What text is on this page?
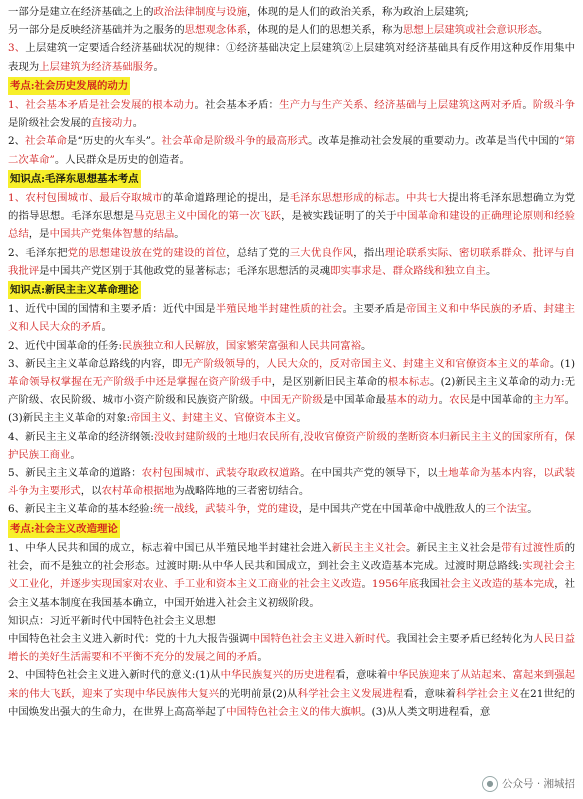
一部分是建立在经济基础之上的政治法律制度与设施，体现的是人们的政治关系，称为政治上层建筑;

另一部分是反映经济基础并为之服务的思想观念体系，体现的是人们的思想关系，称为思想上层建筑或社会意识形态。

3、上层建筑一定要适合经济基础状况的规律：①经济基础决定上层建筑②上层建筑对经济基础具有反作用这种反作用集中表现为上层建筑为经济基础服务。

考点:社会历史发展的动力

1、社会基本矛盾是社会发展的根本动力。社会基本矛盾：生产力与生产关系、经济基础与上层建筑这两对矛盾。阶级斗争是阶级社会发展的直接动力。

2、社会革命是“历史的火车头”。社会革命是阶级斗争的最高形式。改革是推动社会发展的重要动力。改革是当代中国的“第二次革命”。人民群众是历史的创造者。

知识点:毛泽东思想基本考点

1、农村包围城市、最后夺取城市的革命道路理论的提出，是毛泽东思想形成的标志。中共七大提出将毛泽东思想确立为党的指导思想。毛泽东思想是马克思主义中国化的第一次飞跃，是被实践证明了的关于中国革命和建设的正确理论原则和经验总结，是中国共产党集体智慧的结晶。

2、毛泽东把党的思想建设放在党的建设的首位，总结了党的三大优良作风，指出理论联系实际、密切联系群众、批评与自我批评是中国共产党区别于其他政党的显著标志；毛泽东思想活的灵魂即实事求是、群众路线和独立自主。

知识点:新民主主义革命理论

1、近代中国的国情和主要矛盾：近代中国是半殖民地半封建性质的社会。主要矛盾是帝国主义和中华民族的矛盾、封建主义和人民大众的矛盾。

2、近代中国革命的任务:民族独立和人民解放，国家繁荣富强和人民共同富裕。

3、新民主主义革命总路线的内容，即无产阶级领导的，人民大众的，反对帝国主义、封建主义和官僚资本主义的革命。(1)革命领导权掌握在无产阶级手中还是掌握在资产阶级手中，是区别新旧民主革命的根本标志。(2)新民主主义革命的动力:无产阶级、农民阶级、城市小资产阶级和民族资产阶级。中国无产阶级是中国革命最基本的动力。农民是中国革命的主力军。(3)新民主主义革命的对象:帝国主义、封建主义、官僚资本主义。

4、新民主主义革命的经济纲领:没收封建阶级的土地归农民所有,没收官僚资产阶级的垄断资本归新民主主义的国家所有，保护民族工商业。

5、新民主主义革命的道路：农村包围城市、武装夺取政权道路。在中国共产党的领导下，以土地革命为基本内容，以武装斗争为主要形式，以农村革命根据地为战略阵地的三者密切结合。

6、新民主主义革命的基本经验:统一战线，武装斗争，党的建设，是中国共产党在中国革命中战胜敌人的三个法宝。

考点:社会主义改造理论

1、中华人民共和国的成立，标志着中国已从半殖民地半封建社会进入新民主主义社会。新民主主义社会是带有过渡性质的社会，而不是独立的社会形态。过渡时期:从中华人民共和国成立，到社会主义改造基本完成。过渡时期总路线:实现社会主义工业化，并逐步实现国家对农业、手工业和资本主义工商业的社会主义改造。1956年底我国社会主义改造的基本完成，社会主义基本制度在我国基本确立，中国开始进入社会主义初级阶段。

知识点：习近平新时代中国特色社会主义思想

中国特色社会主义进入新时代：党的十九大报告强调中国特色社会主义进入新时代。我国社会主要矛盾已经转化为人民日益增长的美好生活需要和不平衡不充分的发展之间的矛盾。

2、中国特色社会主义进入新时代的意义:(1)从中华民族复兴的历史进程看，意味着中华民族迎来了从站起来、富起来到强起来的伟大飞跃，迎来了实现中华民族伟大复兴的光明前景(2)从科学社会主义发展进程看，意味着科学社会主义在21世纪的中国焕发出强大的生命力，在世界上高高举起了中国特色社会主义的伟大旗帜。(3)从人类文明进程看，意

● 公众号 · 湘城招
